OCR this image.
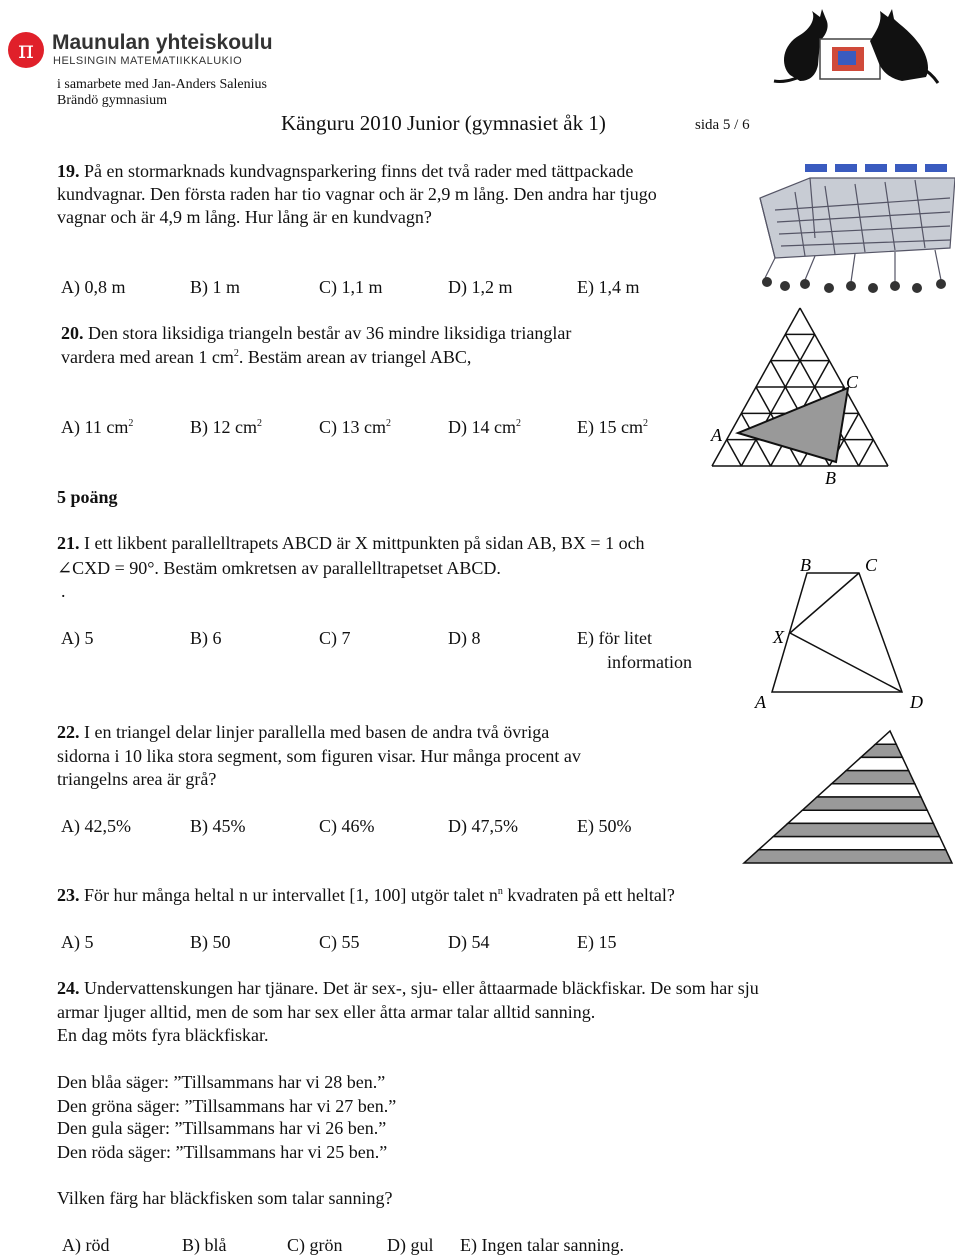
π Maunulan yhteiskoulu
HELSINGIN MATEMATIIKKALUKIO
i samarbete med Jan-Anders Salenius
Brändö gymnasium
Känguru 2010 Junior (gymnasiet åk 1)	sida 5 / 6
19. På en stormarknads kundvagnsparkering finns det två rader med tättpackade
kundvagnar. Den första raden har tio vagnar och är 2,9 m lång. Den andra har tjugo
vagnar och är 4,9 m lång. Hur lång är en kundvagn?
A) 0,8 m	B) 1 m	C) 1,1 m	D) 1,2 m	E) 1,4 m
20. Den stora liksidiga triangeln består av 36 mindre liksidiga trianglar
vardera med arean 1 $cm^2$. Bestäm arean av triangel ABC,
A) 11 $cm^2$	B) 12 $cm^2$	C) 13 $cm^2$	D) 14 $cm^2$	E) 15 $cm^2$
A
B
C
5 poäng
21. I ett likbent parallelltrapets ABCD är X mittpunkten på sidan AB, BX = 1 och
∠CXD = 90°. Bestäm omkretsen av parallelltrapetset ABCD.
.
A) 5	B) 6	C) 7	D) 8	E) för litet
information
B	C
X
A	D
22. I en triangel delar linjer parallella med basen de andra två övriga
sidorna i 10 lika stora segment, som figuren visar. Hur många procent av
triangelns area är grå?
A) 42,5%	B) 45%	C) 46%	D) 47,5%	E) 50%
23. För hur många heltal n ur intervallet [1, 100] utgör talet $n^n$ kvadraten på ett heltal?
A) 5	B) 50	C) 55	D) 54	E) 15
24. Undervattenskungen har tjänare. Det är sex-, sju- eller åttaarmade bläckfiskar. De som har sju
armar ljuger alltid, men de som har sex eller åtta armar talar alltid sanning.
En dag möts fyra bläckfiskar.
Den blåa säger: ”Tillsammans har vi 28 ben.”
Den gröna säger: ”Tillsammans har vi 27 ben.”
Den gula säger: ”Tillsammans har vi 26 ben.”
Den röda säger: ”Tillsammans har vi 25 ben.”
Vilken färg har bläckfisken som talar sanning?
A) röd	B) blå	C) grön D) gul E) Ingen talar sanning.
